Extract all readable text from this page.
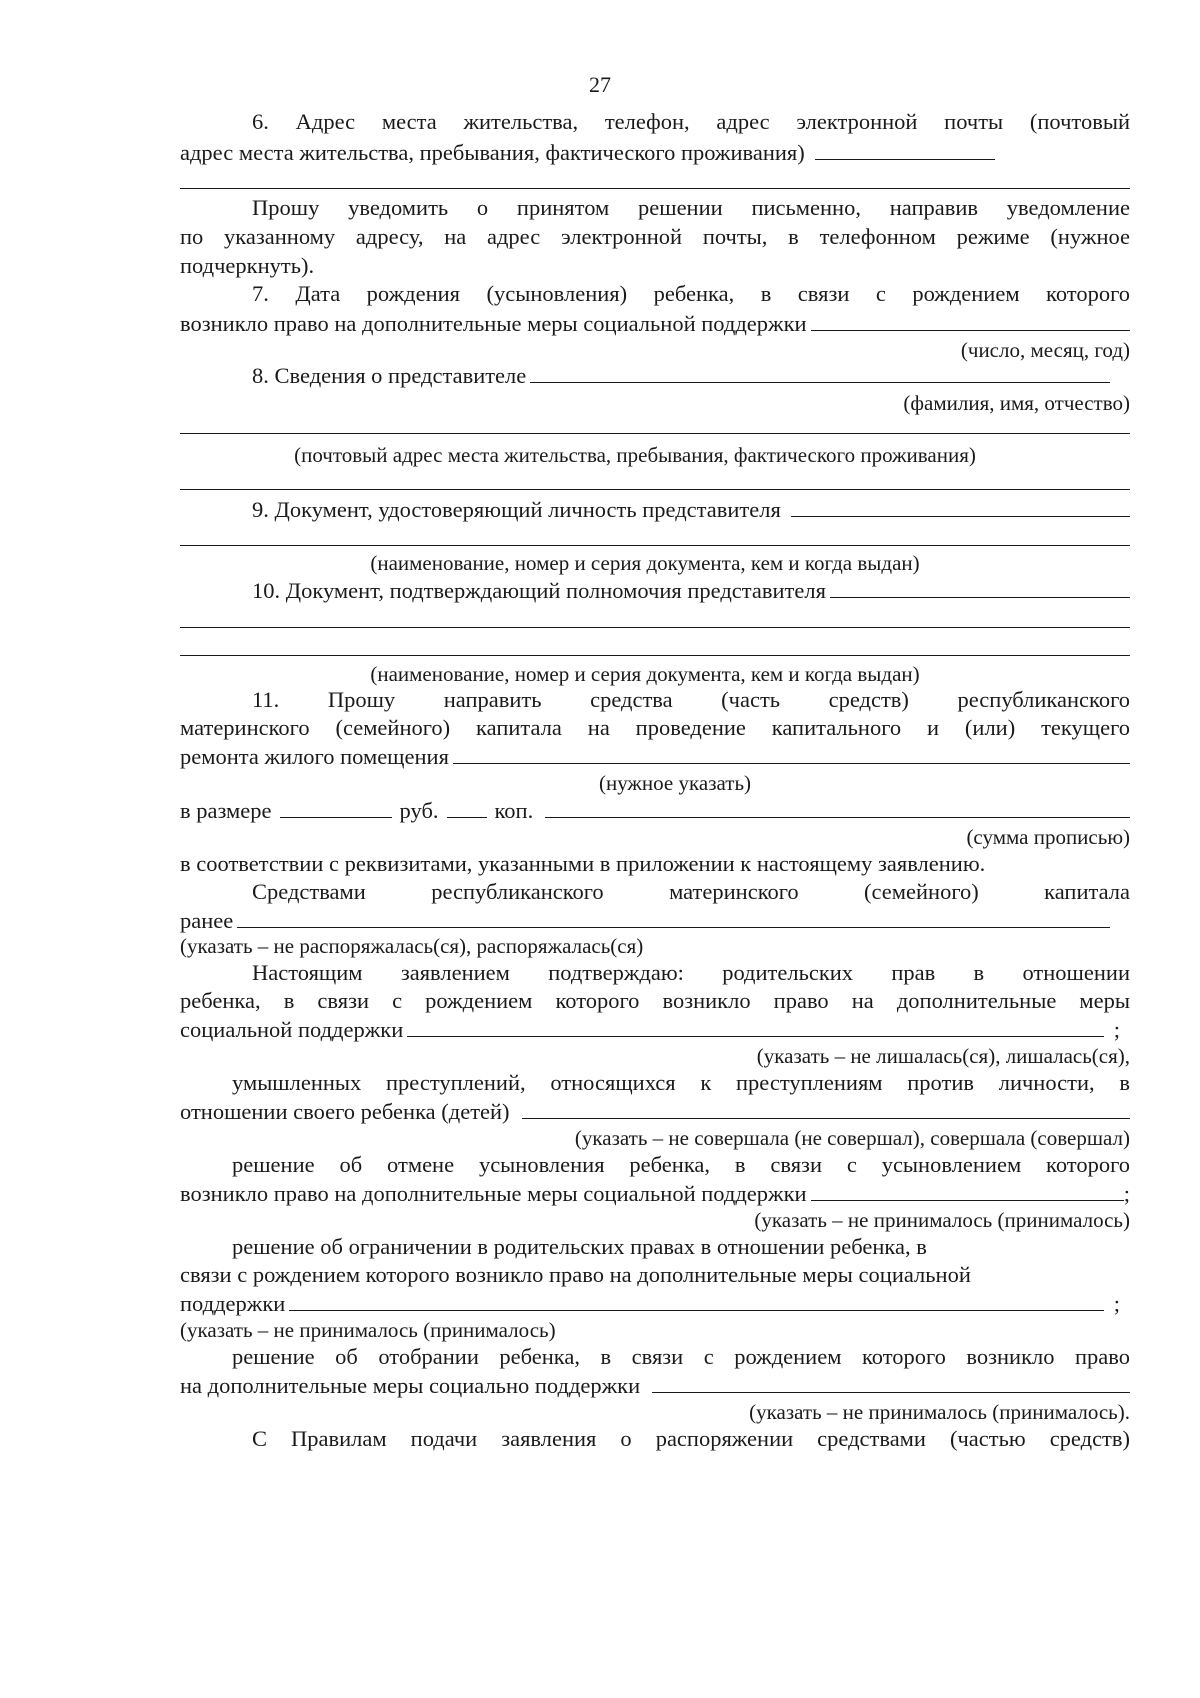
27
6. Адрес места жительства, телефон, адрес электронной почты (почтовый
адрес места жительства, пребывания, фактического проживания)
Прошу уведомить о принятом решении письменно, направив уведомление
по указанному адресу, на адрес электронной почты, в телефонном режиме (нужное
подчеркнуть).
7. Дата рождения (усыновления) ребенка, в связи с рождением которого
возникло право на дополнительные меры социальной поддержки
(число, месяц, год)
8. Сведения о представителе
(фамилия, имя, отчество)
(почтовый адрес места жительства, пребывания, фактического проживания)
9. Документ, удостоверяющий личность представителя
(наименование, номер и серия документа, кем и когда выдан)
10. Документ, подтверждающий полномочия представителя
(наименование, номер и серия документа, кем и когда выдан)
11. Прошу направить средства (часть средств) республиканского
материнского (семейного) капитала на проведение капитального и (или) текущего
ремонта жилого помещения
(нужное указать)
в размере	руб. коп.
(сумма прописью)
в соответствии с реквизитами, указанными в приложении к настоящему заявлению.
Средствами республиканского материнского (семейного) капитала
ранее
(указать – не распоряжалась(ся), распоряжалась(ся)
Настоящим заявлением подтверждаю: родительских прав в отношении
ребенка, в связи с рождением которого возникло право на дополнительные меры
социальной поддержки	;
(указать – не лишалась(ся), лишалась(ся),
умышленных преступлений, относящихся к преступлениям против личности, в
отношении своего ребенка (детей)
(указать – не совершала (не совершал), совершала (совершал)
решение об отмене усыновления ребенка, в связи с усыновлением которого
возникло право на дополнительные меры социальной поддержки	;
(указать – не принималось (принималось)
решение об ограничении в родительских правах в отношении ребенка, в
связи с рождением которого возникло право на дополнительные меры социальной
поддержки	;
(указать – не принималось (принималось)
решение об отобрании ребенка, в связи с рождением которого возникло право
на дополнительные меры социально поддержки
(указать – не принималось (принималось).
С Правилам подачи заявления о распоряжении средствами (частью средств)
